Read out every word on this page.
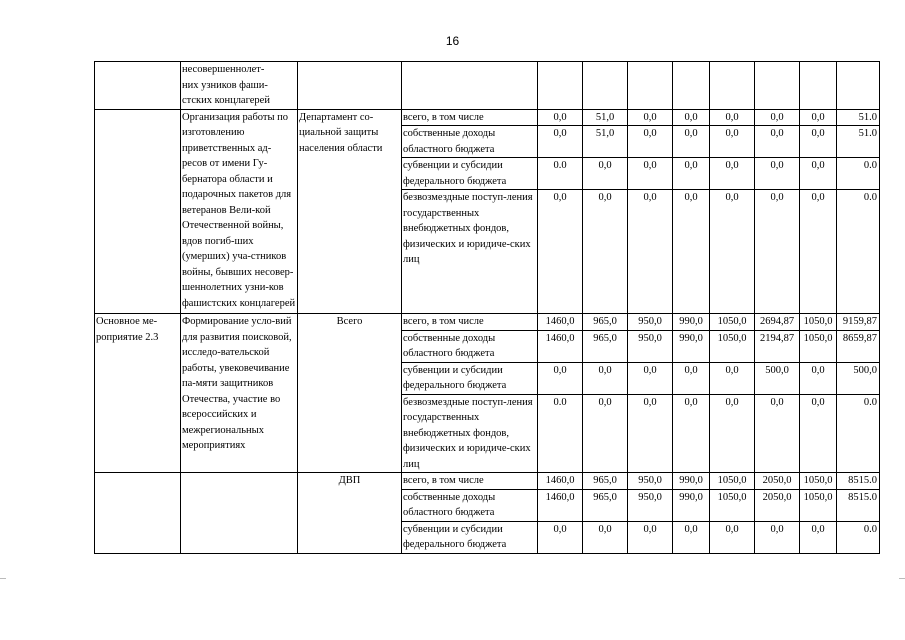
16
	несовершеннолет-
них узников фаши-
стских концлагерей										
	Организация работы по изготовлению приветственных ад-ресов от имени Гу-бернатора области и подарочных пакетов для ветеранов Вели-кой Отечественной войны, вдов погиб-ших (умерших) уча-стников войны, бывших несовер-шеннолетних узни-ков фашистских концлагерей	Департамент со-циальной защиты населения области	всего, в том числе	0,0	51,0	0,0	0,0	0,0	0,0	0,0	51.0
			собственные доходы областного бюджета	0,0	51,0	0,0	0,0	0,0	0,0	0,0	51.0
			субвенции и субсидии федерального бюджета	0.0	0,0	0,0	0,0	0,0	0,0	0,0	0.0
			безвозмездные поступ-ления государственных внебюджетных фондов, физических и юридиче-ских лиц	0,0	0,0	0,0	0,0	0,0	0,0	0,0	0.0
Основное ме-роприятие 2.3	Формирование усло-вий для развития поисковой, исследо-вательской работы, увековечивание па-мяти защитников Отечества, участие во всероссийских и межрегиональных мероприятиях	Всего	всего, в том числе	1460,0	965,0	950,0	990,0	1050,0	2694,87	1050,0	9159,87
			собственные доходы областного бюджета	1460,0	965,0	950,0	990,0	1050,0	2194,87	1050,0	8659,87
			субвенции и субсидии федерального бюджета	0,0	0,0	0,0	0,0	0,0	500,0	0,0	500,0
			безвозмездные поступ-ления государственных внебюджетных фондов, физических и юридиче-ских лиц	0.0	0,0	0,0	0,0	0,0	0,0	0,0	0.0
		ДВП	всего, в том числе	1460,0	965,0	950,0	990,0	1050,0	2050,0	1050,0	8515.0
			собственные доходы областного бюджета	1460,0	965,0	950,0	990,0	1050,0	2050,0	1050,0	8515.0
			субвенции и субсидии федерального бюджета	0,0	0,0	0,0	0,0	0,0	0,0	0,0	0.0
